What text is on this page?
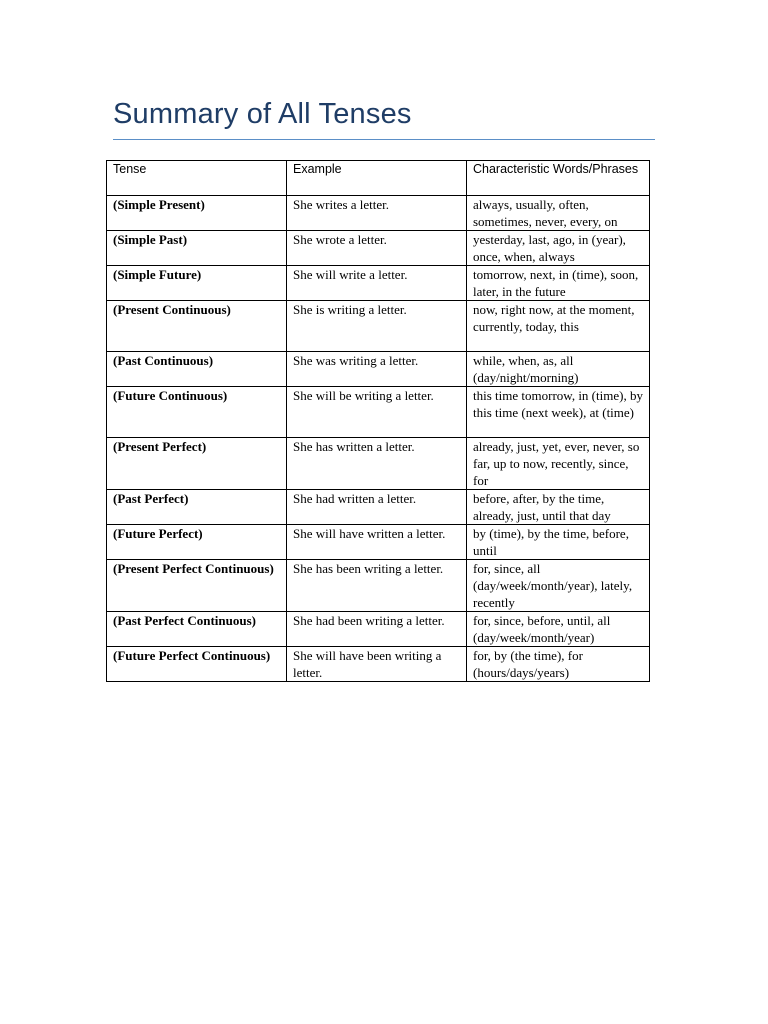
Summary of All Tenses
Tense	Example	Characteristic Words/Phrases
(Simple Present)	She writes a letter.	always, usually, often, sometimes, never, every, on
(Simple Past)	She wrote a letter.	yesterday, last, ago, in (year), once, when, always
(Simple Future)	She will write a letter.	tomorrow, next, in (time), soon, later, in the future
(Present Continuous)	She is writing a letter.	now, right now, at the moment, currently, today, this
(Past Continuous)	She was writing a letter.	while, when, as, all (day/night/morning)
(Future Continuous)	She will be writing a letter.	this time tomorrow, in (time), by this time (next week), at (time)
(Present Perfect)	She has written a letter.	already, just, yet, ever, never, so far, up to now, recently, since, for
(Past Perfect)	She had written a letter.	before, after, by the time, already, just, until that day
(Future Perfect)	She will have written a letter.	by (time), by the time, before, until
(Present Perfect Continuous)	She has been writing a letter.	for, since, all (day/week/month/year), lately, recently
(Past Perfect Continuous)	She had been writing a letter.	for, since, before, until, all (day/week/month/year)
(Future Perfect Continuous)	She will have been writing a letter.	for, by (the time), for (hours/days/years)
